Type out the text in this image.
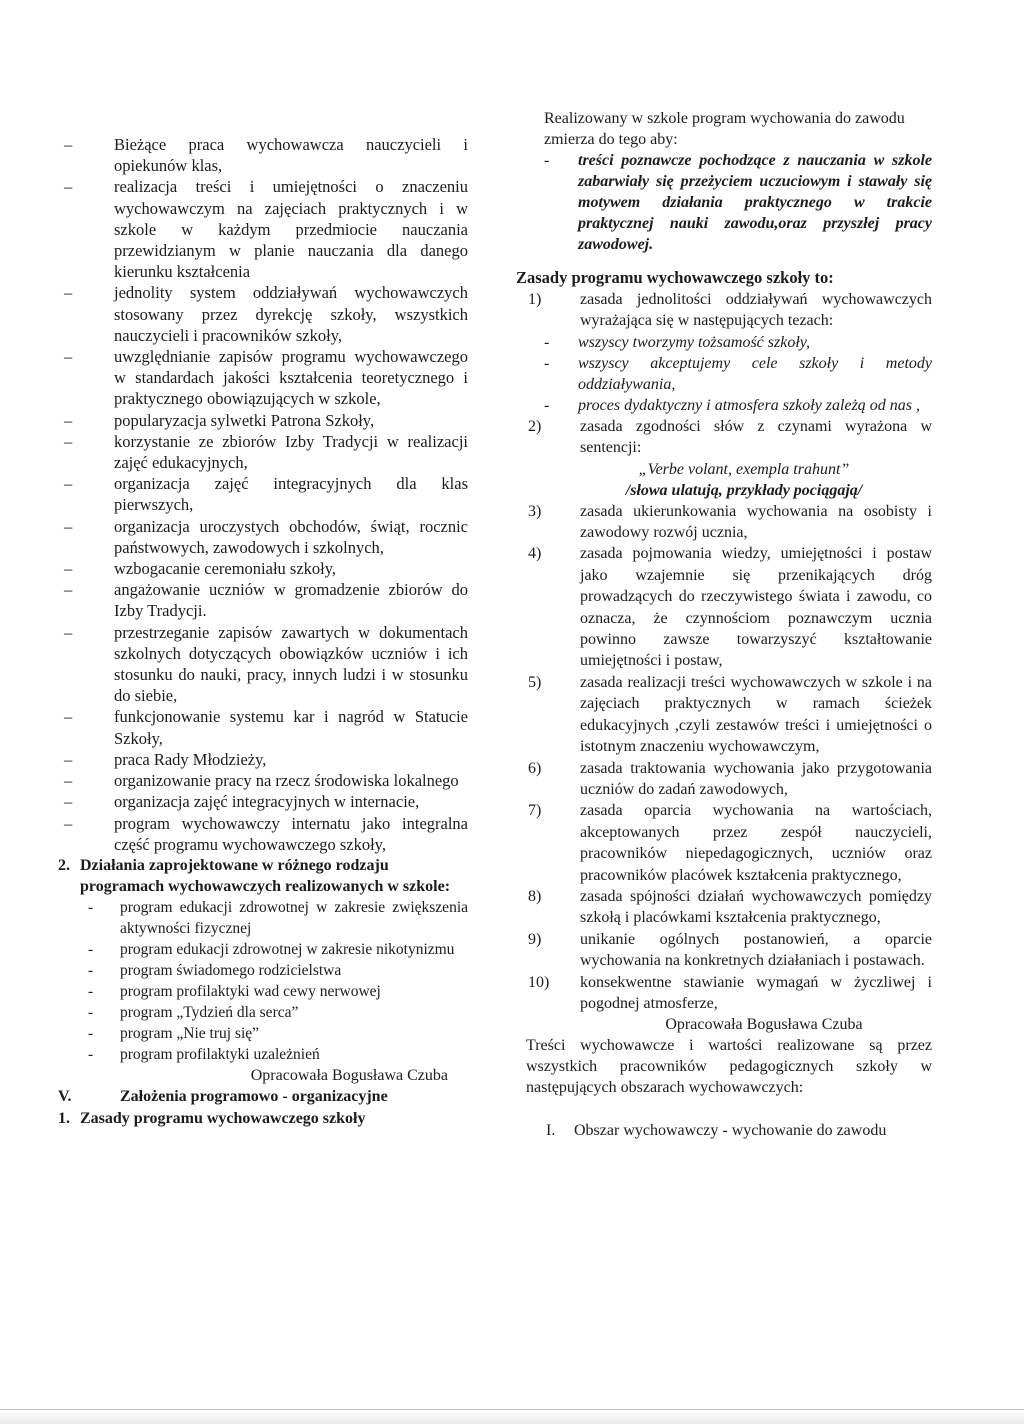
–	Bieżące praca wychowawcza nauczycieli i opiekunów klas,
–	realizacja treści i umiejętności o znaczeniu wychowawczym na zajęciach praktycznych i w szkole w każdym przedmiocie nauczania przewidzianym w planie nauczania dla danego kierunku kształcenia
–	jednolity system oddziaływań wychowawczych stosowany przez dyrekcję szkoły, wszystkich nauczycieli i pracowników szkoły,
–	uwzględnianie zapisów programu wychowawczego w standardach jakości kształcenia teoretycznego i praktycznego obowiązujących w szkole,
–	popularyzacja sylwetki Patrona Szkoły,
–	korzystanie ze zbiorów Izby Tradycji w realizacji zajęć edukacyjnych,
–	organizacja zajęć integracyjnych dla klas pierwszych,
–	organizacja uroczystych obchodów, świąt, rocznic państwowych, zawodowych i szkolnych,
–	wzbogacanie ceremoniału szkoły,
–	angażowanie uczniów w gromadzenie zbiorów do Izby Tradycji.
–	przestrzeganie zapisów zawartych w dokumentach szkolnych dotyczących obowiązków uczniów i ich stosunku do nauki, pracy, innych ludzi i w stosunku do siebie,
–	funkcjonowanie systemu kar i nagród w Statucie Szkoły,
–	praca Rady Młodzieży,
–	organizowanie pracy na rzecz środowiska lokalnego
–	organizacja zajęć integracyjnych w internacie,
–	program wychowawczy internatu jako integralna część programu wychowawczego szkoły,
2. Działania zaprojektowane w różnego rodzaju programach wychowawczych realizowanych w szkole:
- program edukacji zdrowotnej w zakresie zwiększenia aktywności fizycznej
- program edukacji zdrowotnej w zakresie nikotynizmu
- program świadomego rodzicielstwa
- program profilaktyki wad cewy nerwowej
- program „Tydzień dla serca”
- program „Nie truj się”
- program profilaktyki uzależnień
Opracowała Bogusława Czuba
V.	Założenia programowo - organizacyjne
1. Zasady programu wychowawczego szkoły
Realizowany w szkole program wychowania do zawodu zmierza do tego aby:
- treści poznawcze pochodzące z nauczania w szkole zabarwiały się przeżyciem uczuciowym i stawały się motywem działania praktycznego w trakcie praktycznej nauki zawodu,oraz przyszłej pracy zawodowej.
Zasady programu wychowawczego szkoły to:
1) zasada jednolitości oddziaływań wychowawczych wyrażająca się w następujących tezach:
- wszyscy tworzymy tożsamość szkoły,
- wszyscy akceptujemy cele szkoły i metody oddziaływania,
- proces dydaktyczny i atmosfera szkoły zależą od nas ,
2) zasada zgodności słów z czynami wyrażona w sentencji:
„Verbe volant, exempla trahunt”
/słowa ulatują, przykłady pociągają/
3) zasada ukierunkowania wychowania na osobisty i zawodowy rozwój ucznia,
4) zasada pojmowania wiedzy, umiejętności i postaw jako wzajemnie się przenikających dróg prowadzących do rzeczywistego świata i zawodu, co oznacza, że czynnościom poznawczym ucznia powinno zawsze towarzyszyć kształtowanie umiejętności i postaw,
5) zasada realizacji treści wychowawczych w szkole i na zajęciach praktycznych w ramach ścieżek edukacyjnych ,czyli zestawów treści i umiejętności o istotnym znaczeniu wychowawczym,
6) zasada traktowania wychowania jako przygotowania uczniów do zadań zawodowych,
7) zasada oparcia wychowania na wartościach, akceptowanych przez zespół nauczycieli, pracowników niepedagogicznych, uczniów oraz pracowników placówek kształcenia praktycznego,
8) zasada spójności działań wychowawczych pomiędzy szkołą i placówkami kształcenia praktycznego,
9) unikanie ogólnych postanowień, a oparcie wychowania na konkretnych działaniach i postawach.
10) konsekwentne stawianie wymagań w życzliwej i pogodnej atmosferze,
Opracowała Bogusława Czuba
Treści wychowawcze i wartości realizowane są przez wszystkich pracowników pedagogicznych szkoły w następujących obszarach wychowawczych:
I. Obszar wychowawczy - wychowanie do zawodu
